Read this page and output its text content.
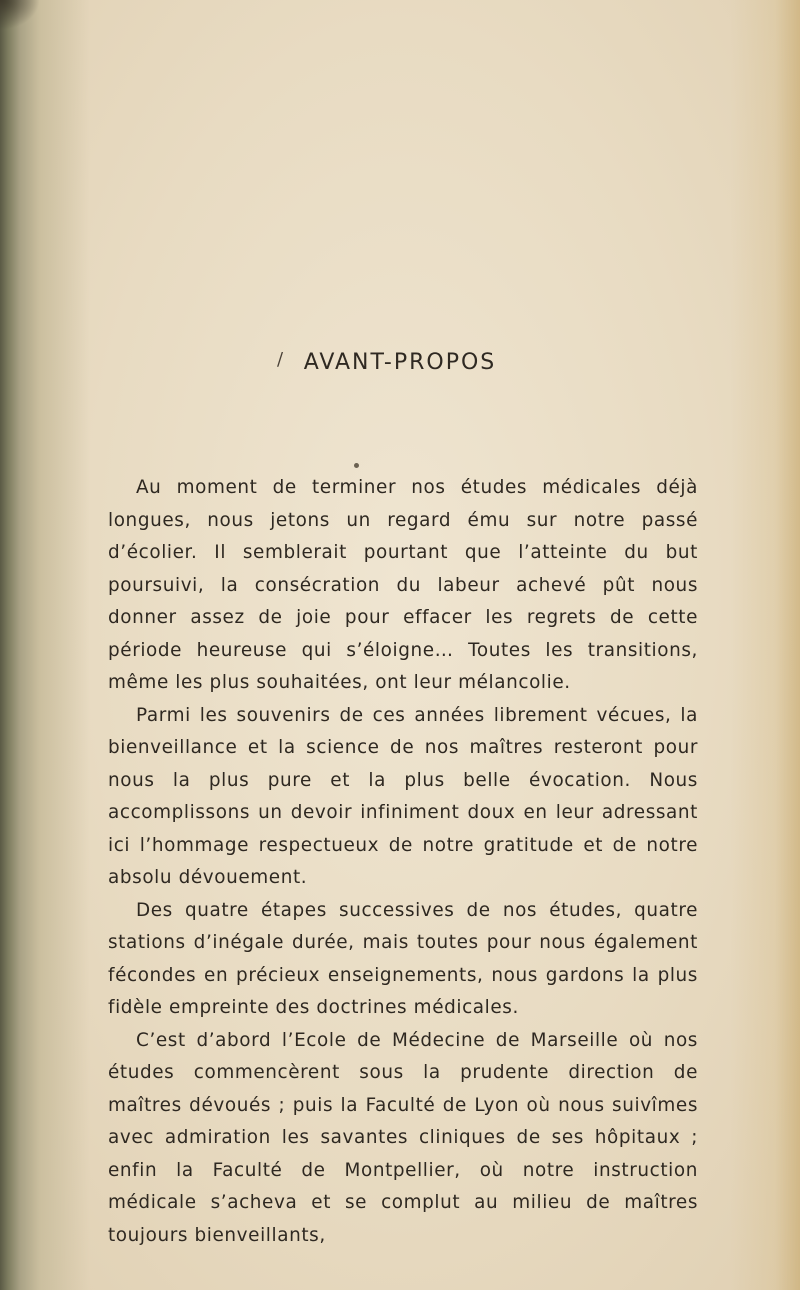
/ AVANT-PROPOS

Au moment de terminer nos études médicales déjà longues, nous jetons un regard ému sur notre passé d’écolier. Il semblerait pourtant que l’atteinte du but poursuivi, la consécration du labeur achevé pût nous donner assez de joie pour effacer les regrets de cette période heureuse qui s’éloigne… Toutes les transitions, même les plus souhaitées, ont leur mélancolie.

Parmi les souvenirs de ces années librement vécues, la bienveillance et la science de nos maîtres resteront pour nous la plus pure et la plus belle évocation. Nous accomplissons un devoir infiniment doux en leur adressant ici l’hommage respectueux de notre gratitude et de notre absolu dévouement.

Des quatre étapes successives de nos études, quatre stations d’inégale durée, mais toutes pour nous également fécondes en précieux enseignements, nous gardons la plus fidèle empreinte des doctrines médicales.

C’est d’abord l’Ecole de Médecine de Marseille où nos études commencèrent sous la prudente direction de maîtres dévoués ; puis la Faculté de Lyon où nous suivîmes avec admiration les savantes cliniques de ses hôpitaux ; enfin la Faculté de Montpellier, où notre instruction médicale s’acheva et se complut au milieu de maîtres toujours bienveillants,
